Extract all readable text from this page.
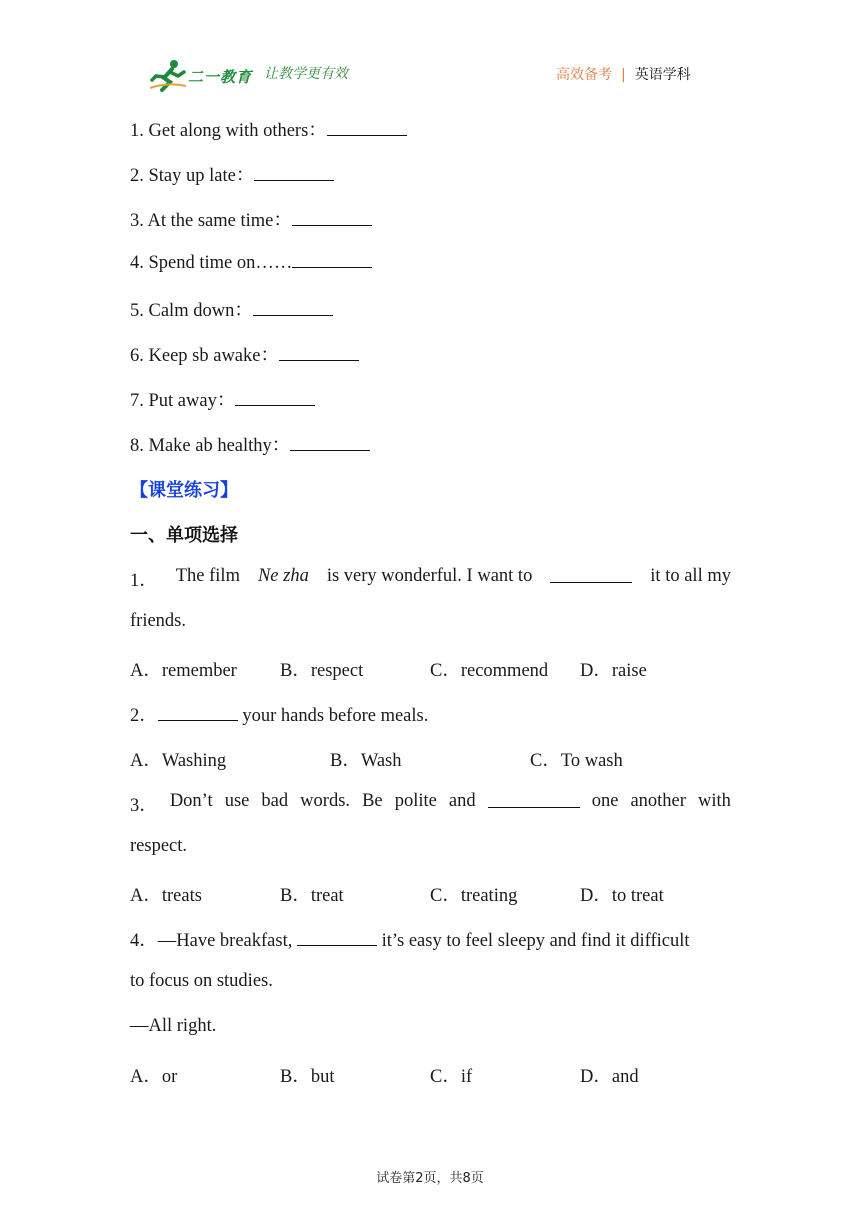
二一教育 让教学更有效	高效备考 | 英语学科
1. Get along with others：
2. Stay up late：
3. At the same time：
4. Spend time on……
5. Calm down：
6. Keep sb awake：
7. Put away：
8. Make ab healthy：
【课堂练习】
一、单项选择
1． The film Ne zha is very wonderful. I want to	it to all my
friends.
A．remember B．respect	C．recommend D．raise
2．	your hands before meals.
A．Washing	B．Wash	C．To wash
3． Don’t use bad words. Be polite and	one another with
respect.
A．treats	B．treat	C．treating	D．to treat
4．—Have breakfast,	it’s easy to feel sleepy and find it difficult
to focus on studies.
—All right.
A．or	B．but	C．if	D．and
试卷第2页，共8页
